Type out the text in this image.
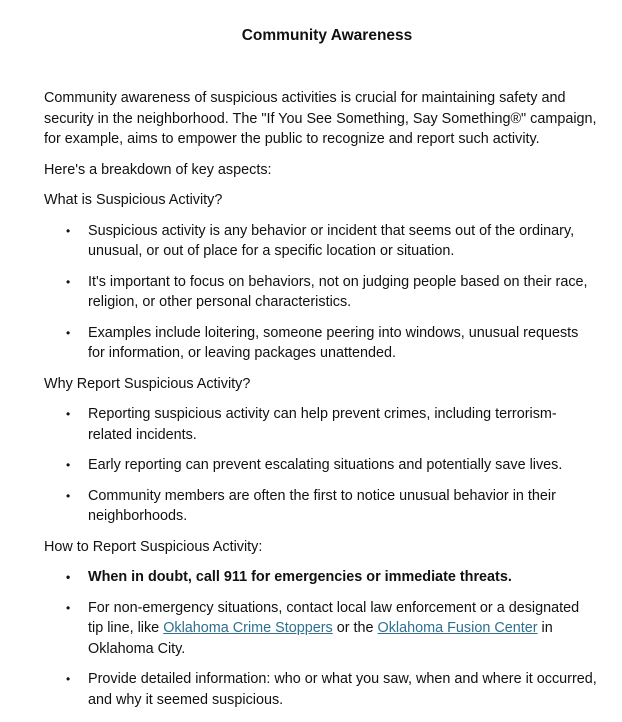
Community Awareness

Community awareness of suspicious activities is crucial for maintaining safety and security in the neighborhood. The "If You See Something, Say Something®" campaign, for example, aims to empower the public to recognize and report such activity.

Here's a breakdown of key aspects:

What is Suspicious Activity?

• Suspicious activity is any behavior or incident that seems out of the ordinary, unusual, or out of place for a specific location or situation.
• It's important to focus on behaviors, not on judging people based on their race, religion, or other personal characteristics.
• Examples include loitering, someone peering into windows, unusual requests for information, or leaving packages unattended.

Why Report Suspicious Activity?

• Reporting suspicious activity can help prevent crimes, including terrorism-related incidents.
• Early reporting can prevent escalating situations and potentially save lives.
• Community members are often the first to notice unusual behavior in their neighborhoods.

How to Report Suspicious Activity:

• When in doubt, call 911 for emergencies or immediate threats.
• For non-emergency situations, contact local law enforcement or a designated tip line, like Oklahoma Crime Stoppers or the Oklahoma Fusion Center in Oklahoma City.
• Provide detailed information: who or what you saw, when and where it occurred, and why it seemed suspicious.
